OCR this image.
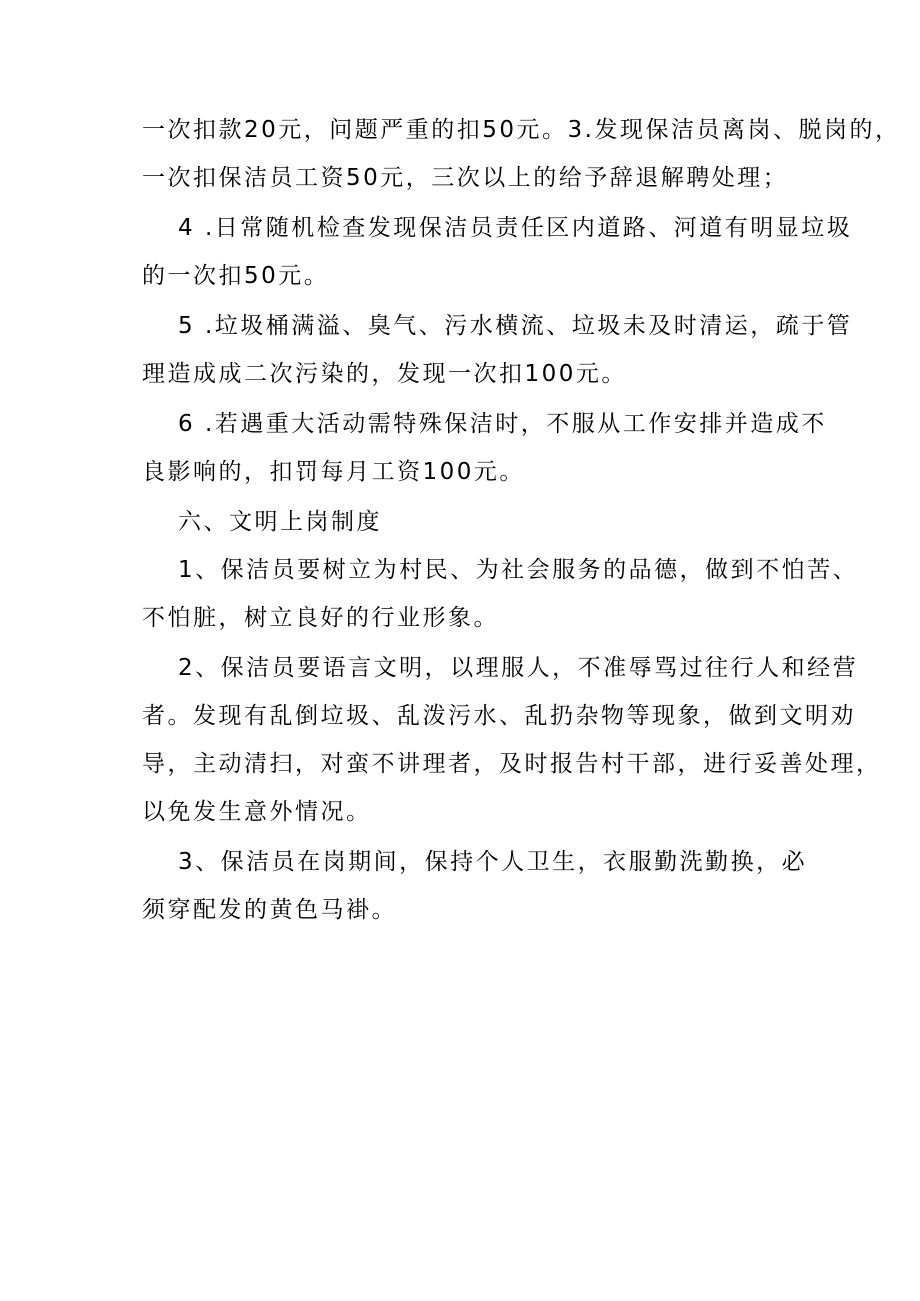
一次扣款20元，问题严重的扣50元。3.发现保洁员离岗、脱岗的，
一次扣保洁员工资50元，三次以上的给予辞退解聘处理；
4 .日常随机检查发现保洁员责任区内道路、河道有明显垃圾
的一次扣50元。
5 .垃圾桶满溢、臭气、污水横流、垃圾未及时清运，疏于管
理造成成二次污染的，发现一次扣100元。
6 .若遇重大活动需特殊保洁时，不服从工作安排并造成不
良影响的，扣罚每月工资100元。
六、文明上岗制度
1、保洁员要树立为村民、为社会服务的品德，做到不怕苦、
不怕脏，树立良好的行业形象。
2、保洁员要语言文明，以理服人，不准辱骂过往行人和经营
者。发现有乱倒垃圾、乱泼污水、乱扔杂物等现象，做到文明劝
导，主动清扫，对蛮不讲理者，及时报告村干部，进行妥善处理，
以免发生意外情况。
3、保洁员在岗期间，保持个人卫生，衣服勤洗勤换，必
须穿配发的黄色马褂。
